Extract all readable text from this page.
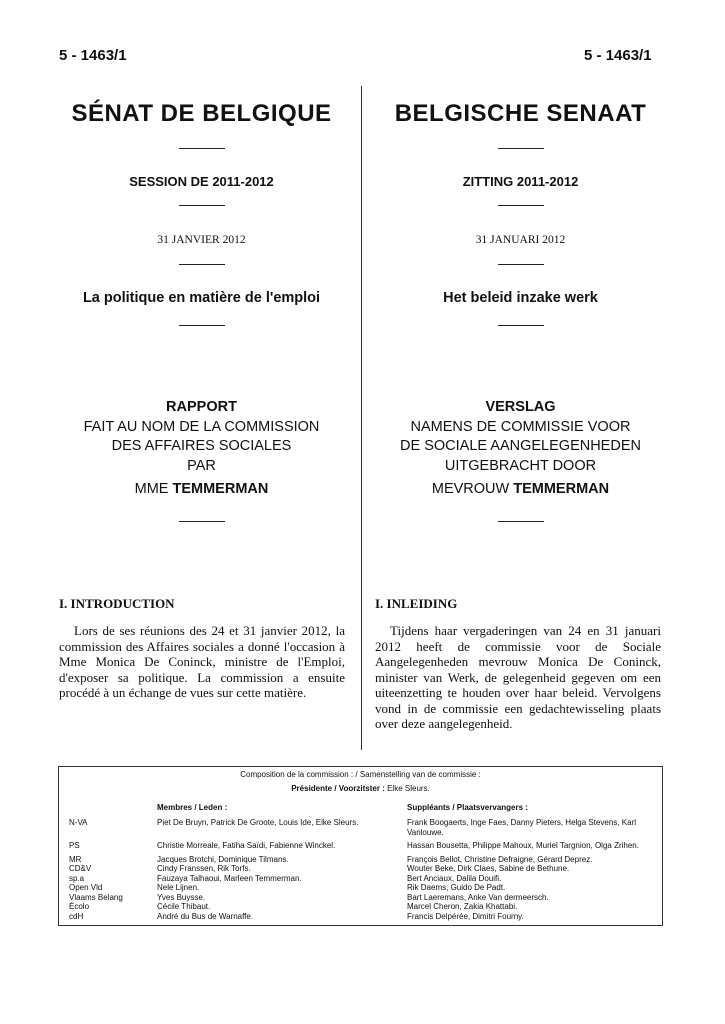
5 - 1463/1	5 - 1463/1
SÉNAT DE BELGIQUE
SESSION DE 2011-2012
31 JANVIER 2012
La politique en matière de l'emploi
RAPPORT
FAIT AU NOM DE LA COMMISSION
DES AFFAIRES SOCIALES
PAR
MME TEMMERMAN
BELGISCHE SENAAT
ZITTING 2011-2012
31 JANUARI 2012
Het beleid inzake werk
VERSLAG
NAMENS DE COMMISSIE VOOR
DE SOCIALE AANGELEGENHEDEN
UITGEBRACHT DOOR
MEVROUW TEMMERMAN
I. INTRODUCTION	I. INLEIDING
Lors de ses réunions des 24 et 31 janvier 2012, la commission des Affaires sociales a donné l'occasion à Mme Monica De Coninck, ministre de l'Emploi, d'exposer sa politique. La commission a ensuite procédé à un échange de vues sur cette matière.
Tijdens haar vergaderingen van 24 en 31 januari 2012 heeft de commissie voor de Sociale Aangelegenheden mevrouw Monica De Coninck, minister van Werk, de gelegenheid gegeven om een uiteenzetting te houden over haar beleid. Vervolgens vond in de commissie een gedachtewisseling plaats over deze aangelegenheid.
Composition de la commission : / Samenstelling van de commissie :
Présidente / Voorzitster : Elke Sleurs.
Membres / Leden :	Suppléants / Plaatsvervangers :
N-VA	Piet De Bruyn, Patrick De Groote, Louis Ide, Elke Sleurs.	Frank Boogaerts, Inge Faes, Danny Pieters, Helga Stevens, Karl Vanlouwe.
PS	Christie Morreale, Fatiha Saïdi, Fabienne Winckel.	Hassan Bousetta, Philippe Mahoux, Muriel Targnion, Olga Zrihen.
MR	Jacques Brotchi, Dominique Tilmans.	François Bellot, Christine Defraigne, Gérard Deprez.
CD&V	Cindy Franssen, Rik Torfs.	Wouter Beke, Dirk Claes, Sabine de Bethune.
sp.a	Fauzaya Talhaoui, Marleen Temmerman.	Bert Anciaux, Dalila Douifi.
Open Vld	Nele Lijnen.	Rik Daems, Guido De Padt.
Vlaams Belang	Yves Buysse.	Bart Laeremans, Anke Van dermeersch.
Écolo	Cécile Thibaut.	Marcel Cheron, Zakia Khattabi.
cdH	André du Bus de Warnaffe.	Francis Delpérée, Dimitri Fourny.
